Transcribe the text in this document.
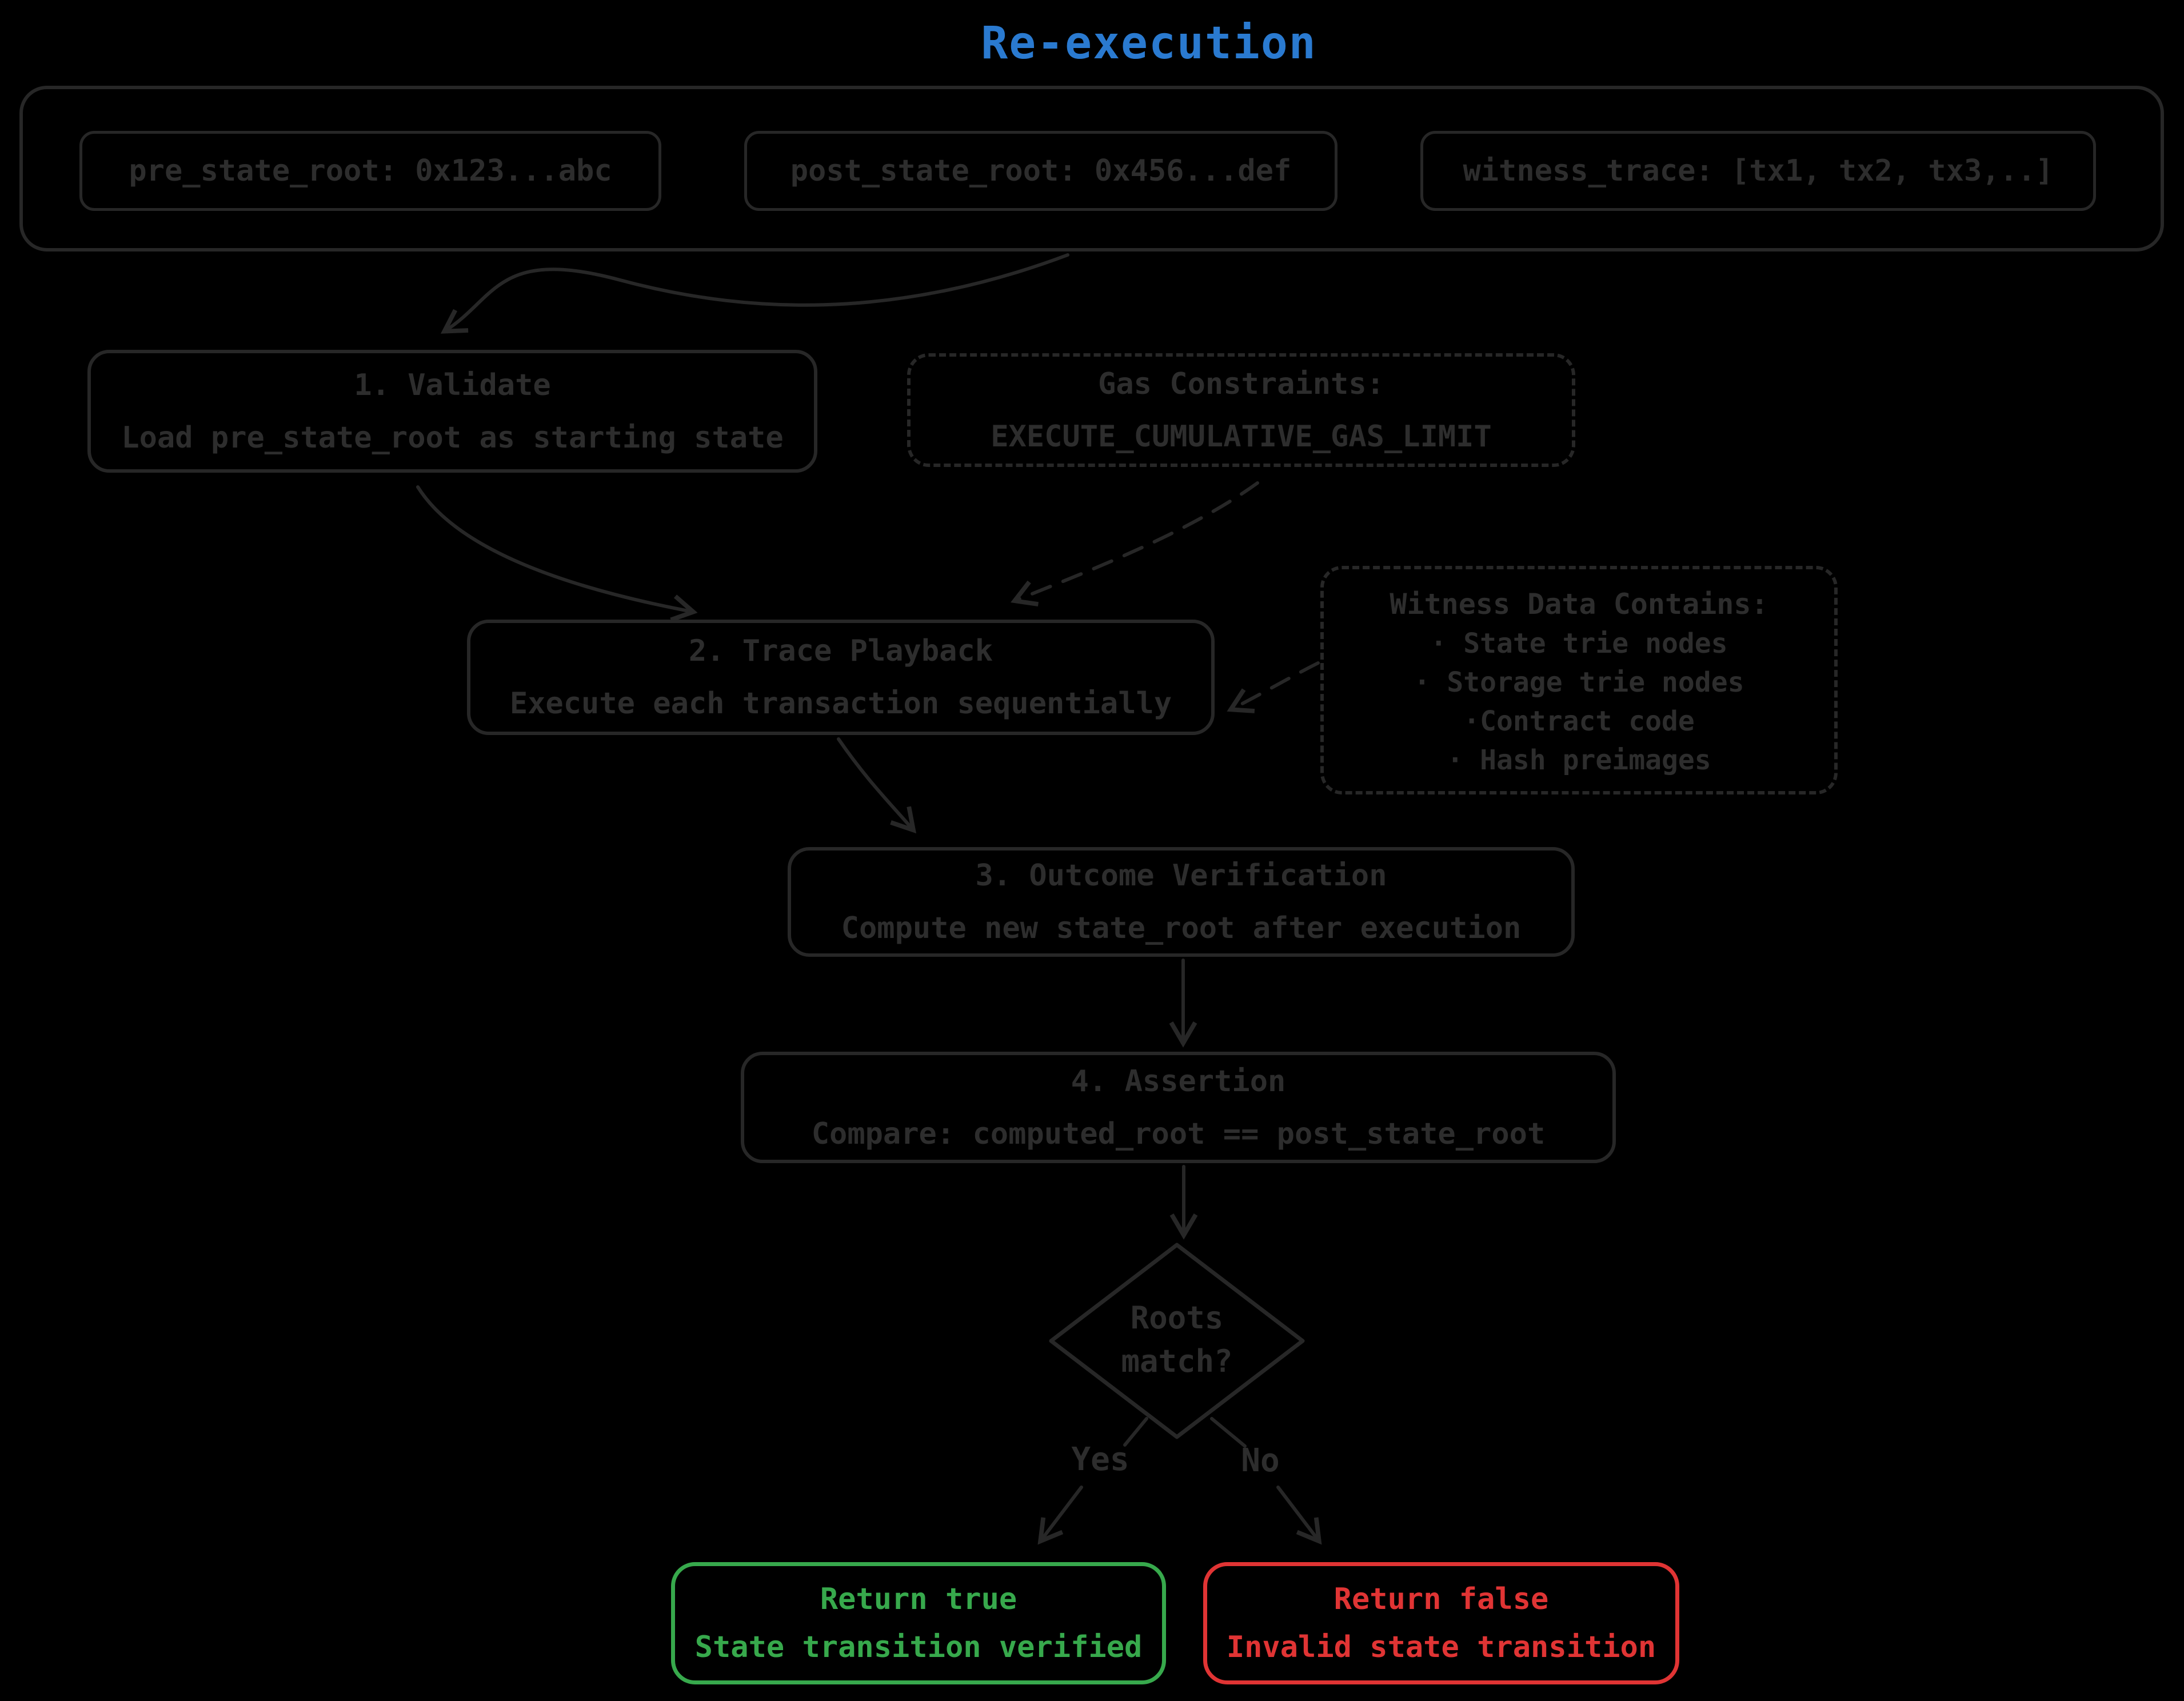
Re-execution
pre_state_root: 0x123...abc	post_state_root: 0x456...def	witness_trace: [tx1, tx2, tx3,..]
1. Validate
Load pre_state_root as starting state
Gas Constraints:
EXECUTE_CUMULATIVE_GAS_LIMIT
2. Trace Playback
Execute each transaction sequentially
Witness Data Contains:
· State trie nodes
· Storage trie nodes
·Contract code
· Hash preimages
3. Outcome Verification
Compute new state_root after execution
4. Assertion
Compare: computed_root == post_state_root
Roots
match?
Yes	No
Return true
State transition verified
Return false
Invalid state transition
